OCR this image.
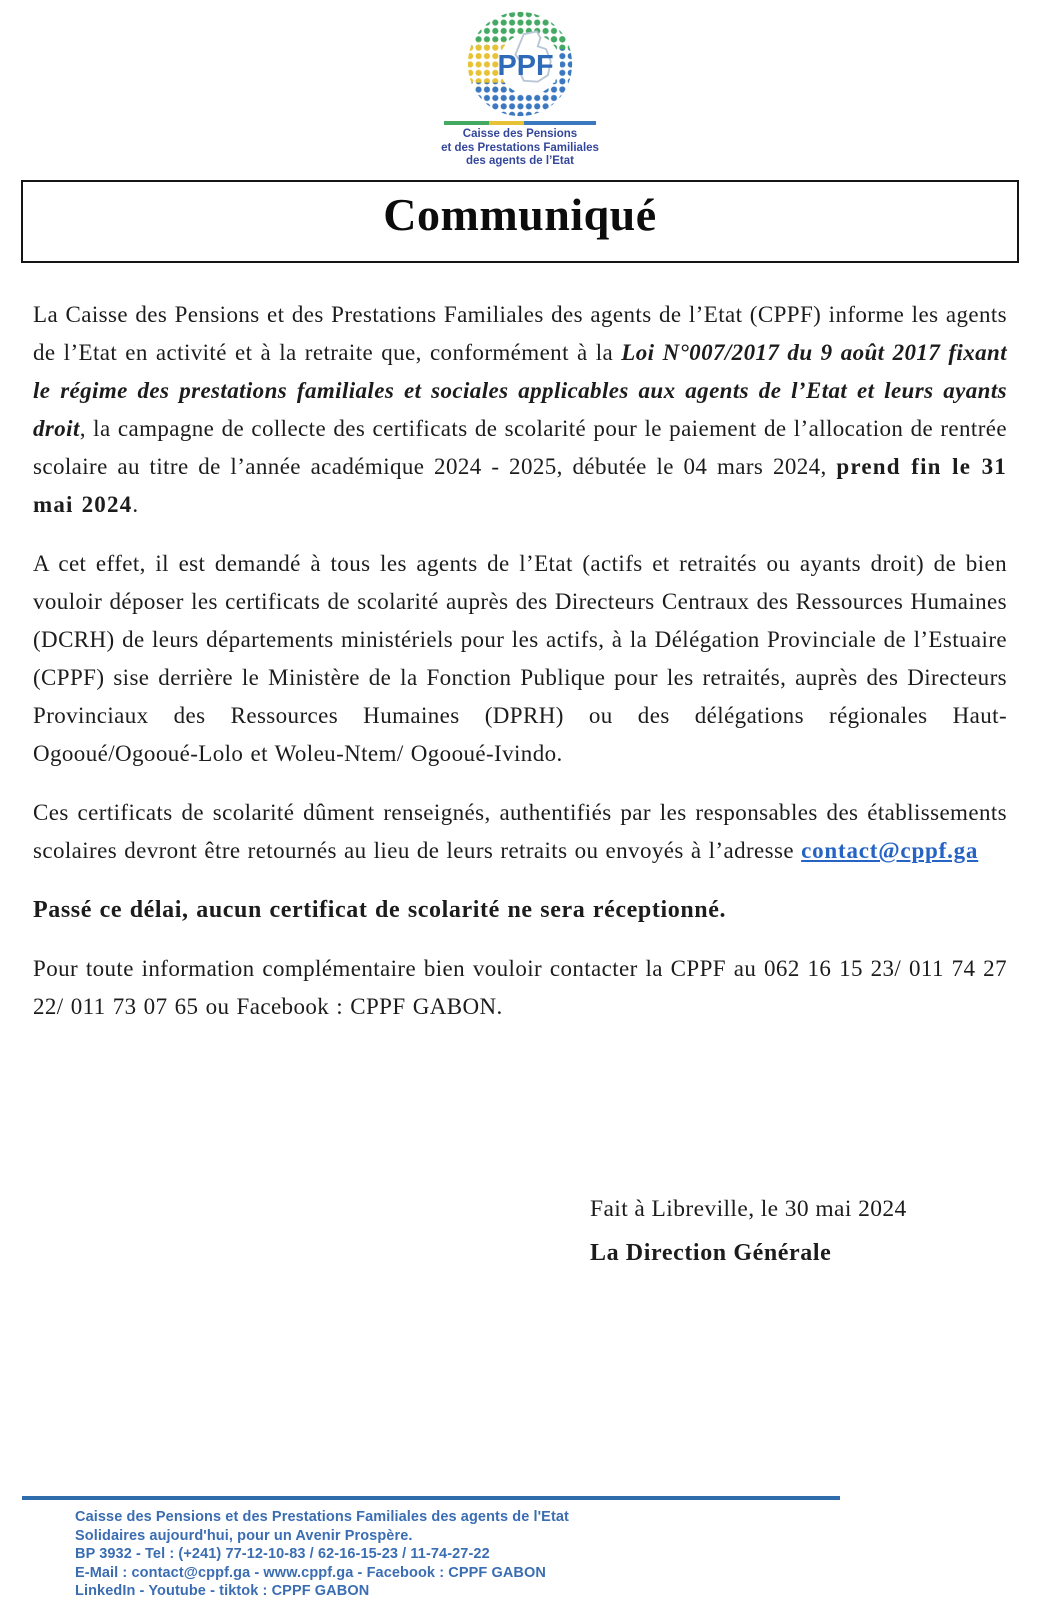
PPF
Caisse des Pensions
et des Prestations Familiales
des agents de l’Etat
Communiqué

La Caisse des Pensions et des Prestations Familiales des agents de l’Etat (CPPF) informe les agents de l’Etat en activité et à la retraite que, conformément à la Loi N°007/2017 du 9 août 2017 fixant le régime des prestations familiales et sociales applicables aux agents de l’Etat et leurs ayants droit, la campagne de collecte des certificats de scolarité pour le paiement de l’allocation de rentrée scolaire au titre de l’année académique 2024 - 2025, débutée le 04 mars 2024, prend fin le 31 mai 2024.

A cet effet, il est demandé à tous les agents de l’Etat (actifs et retraités ou ayants droit) de bien vouloir déposer les certificats de scolarité auprès des Directeurs Centraux des Ressources Humaines (DCRH) de leurs départements ministériels pour les actifs, à la Délégation Provinciale de l’Estuaire (CPPF) sise derrière le Ministère de la Fonction Publique pour les retraités, auprès des Directeurs Provinciaux des Ressources Humaines (DPRH) ou des délégations régionales Haut-Ogooué/Ogooué-Lolo et Woleu-Ntem/ Ogooué-Ivindo.

Ces certificats de scolarité dûment renseignés, authentifiés par les responsables des établissements scolaires devront être retournés au lieu de leurs retraits ou envoyés à l’adresse contact@cppf.ga

Passé ce délai, aucun certificat de scolarité ne sera réceptionné.

Pour toute information complémentaire bien vouloir contacter la CPPF au 062 16 15 23/ 011 74 27 22/ 011 73 07 65 ou Facebook : CPPF GABON.

Fait à Libreville, le 30 mai 2024
La Direction Générale
Caisse des Pensions et des Prestations Familiales des agents de l'Etat
Solidaires aujourd'hui, pour un Avenir Prospère.
BP 3932 - Tel : (+241) 77-12-10-83 / 62-16-15-23 / 11-74-27-22
E-Mail : contact@cppf.ga - www.cppf.ga - Facebook : CPPF GABON
LinkedIn - Youtube - tiktok : CPPF GABON
